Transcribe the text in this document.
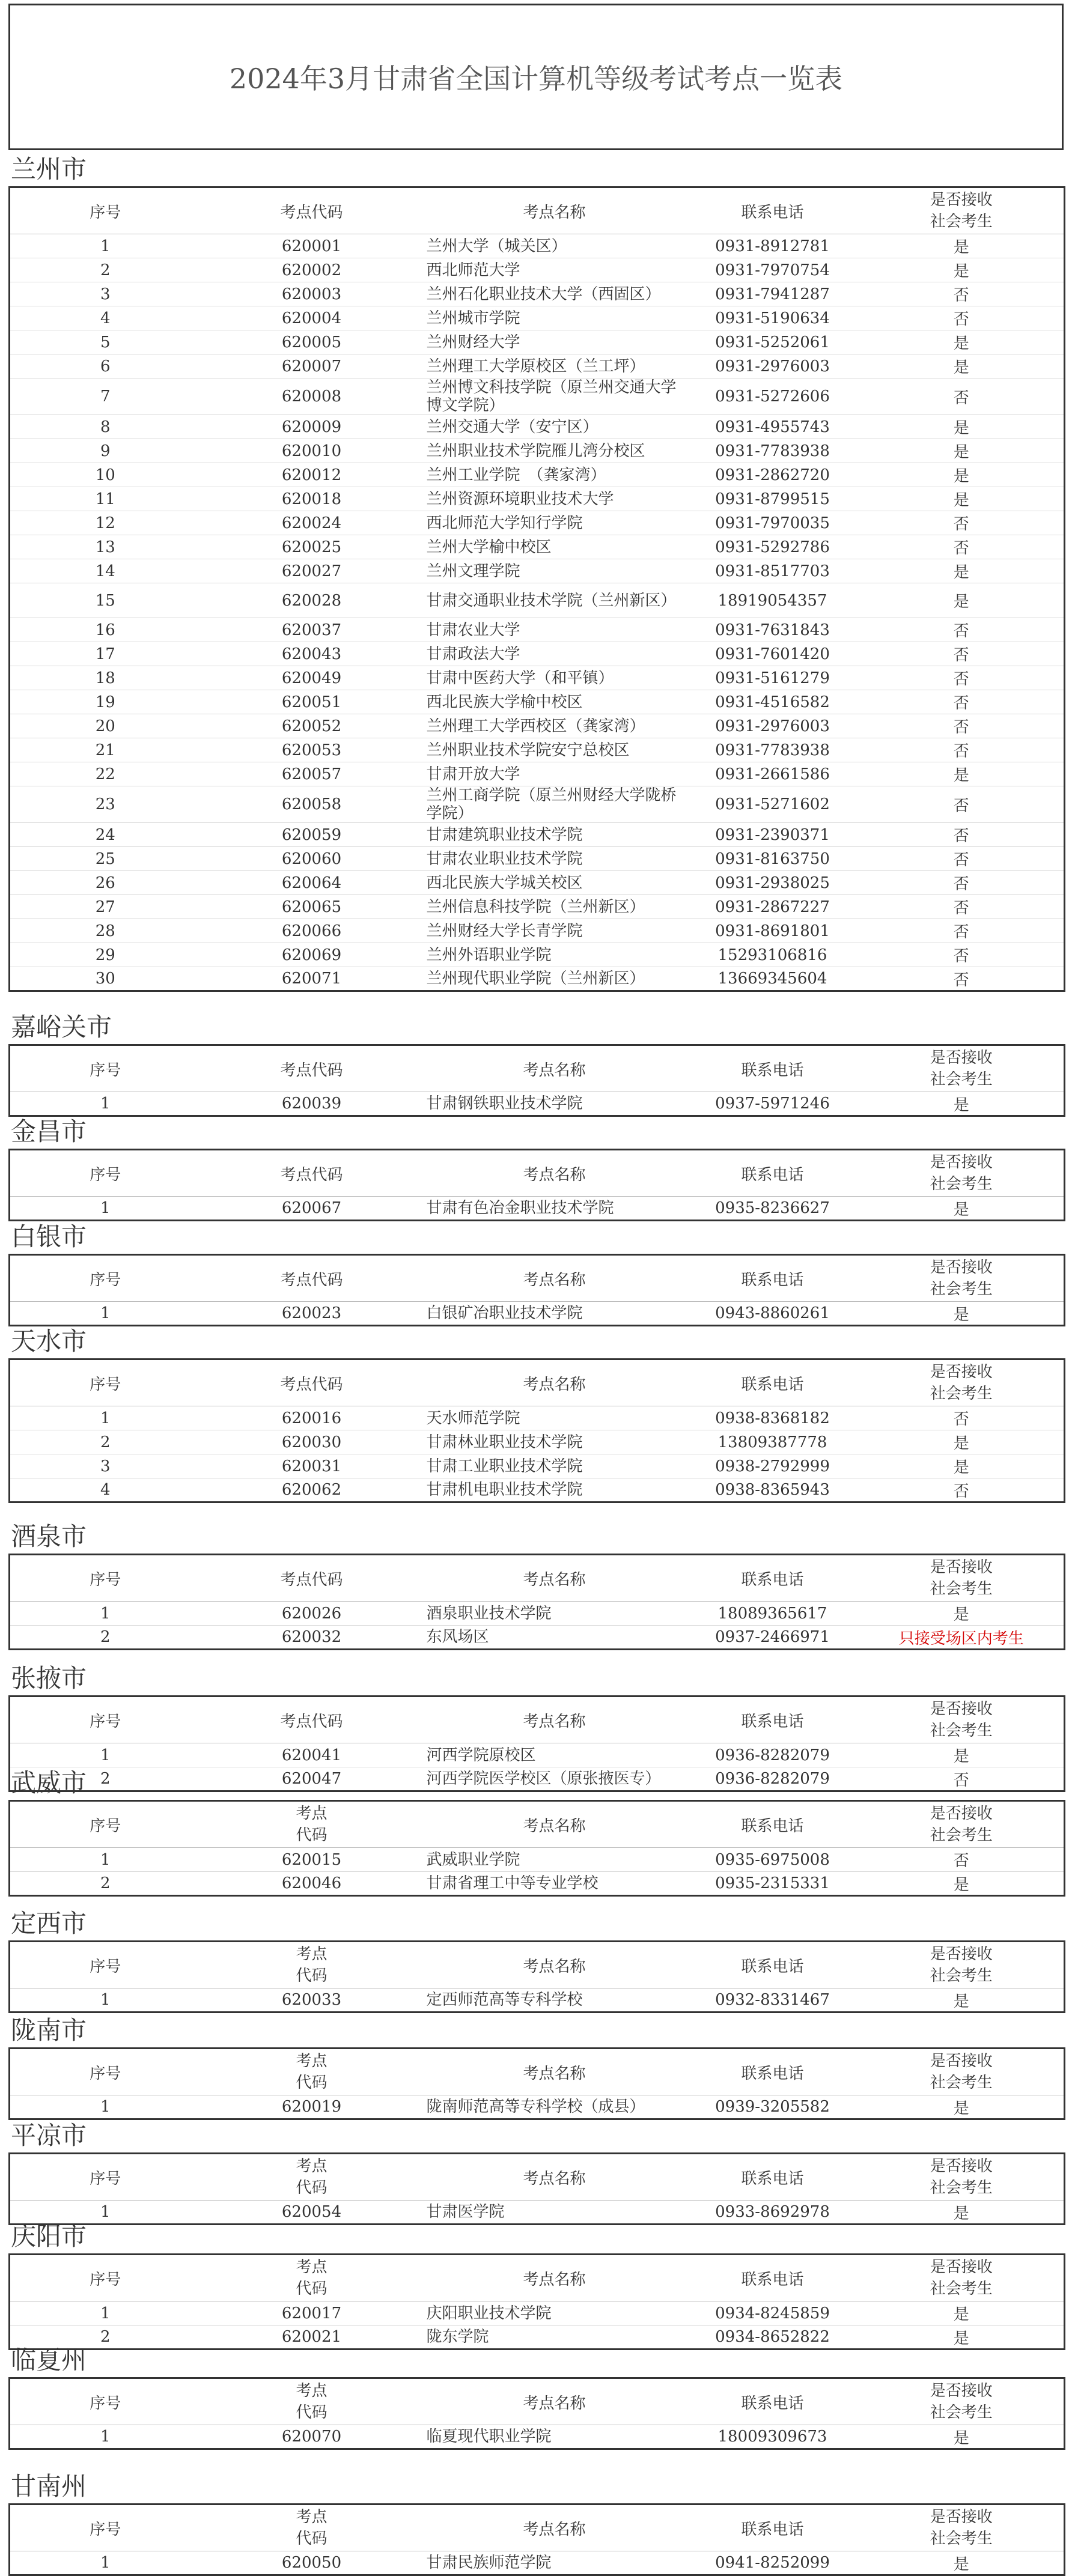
2024年3月甘肃省全国计算机等级考试考点一览表
兰州市
序号	考点代码	考点名称	联系电话	是否接收
社会考生

1	620001	兰州大学（城关区）	0931-8912781	是
2	620002	西北师范大学	0931-7970754	是
3	620003	兰州石化职业技术大学（西固区）	0931-7941287	否
4	620004	兰州城市学院	0931-5190634	否
5	620005	兰州财经大学	0931-5252061	是
6	620007	兰州理工大学原校区（兰工坪）	0931-2976003	是
7	620008	兰州博文科技学院（原兰州交通大学博文学院）	0931-5272606	否
8	620009	兰州交通大学（安宁区）	0931-4955743	是
9	620010	兰州职业技术学院雁儿湾分校区	0931-7783938	是
10	620012	兰州工业学院　（龚家湾）	0931-2862720	是
11	620018	兰州资源环境职业技术大学	0931-8799515	是
12	620024	西北师范大学知行学院	0931-7970035	否
13	620025	兰州大学榆中校区	0931-5292786	否
14	620027	兰州文理学院	0931-8517703	是
15	620028	甘肃交通职业技术学院（兰州新区）	18919054357	是
16	620037	甘肃农业大学	0931-7631843	否
17	620043	甘肃政法大学	0931-7601420	否
18	620049	甘肃中医药大学（和平镇）	0931-5161279	否
19	620051	西北民族大学榆中校区	0931-4516582	否
20	620052	兰州理工大学西校区（龚家湾）	0931-2976003	否
21	620053	兰州职业技术学院安宁总校区	0931-7783938	否
22	620057	甘肃开放大学	0931-2661586	是
23	620058	兰州工商学院（原兰州财经大学陇桥学院）	0931-5271602	否
24	620059	甘肃建筑职业技术学院	0931-2390371	否
25	620060	甘肃农业职业技术学院	0931-8163750	否
26	620064	西北民族大学城关校区	0931-2938025	否
27	620065	兰州信息科技学院（兰州新区）	0931-2867227	否
28	620066	兰州财经大学长青学院	0931-8691801	否
29	620069	兰州外语职业学院	15293106816	否
30	620071	兰州现代职业学院（兰州新区）	13669345604	否
嘉峪关市
序号	考点代码	考点名称	联系电话	是否接收
社会考生

1	620039	甘肃钢铁职业技术学院	0937-5971246	是
金昌市
序号	考点代码	考点名称	联系电话	是否接收
社会考生

1	620067	甘肃有色冶金职业技术学院	0935-8236627	是
白银市
序号	考点代码	考点名称	联系电话	是否接收
社会考生

1	620023	白银矿冶职业技术学院	0943-8860261	是
天水市
序号	考点代码	考点名称	联系电话	是否接收
社会考生

1	620016	天水师范学院	0938-8368182	否
2	620030	甘肃林业职业技术学院	13809387778	是
3	620031	甘肃工业职业技术学院	0938-2792999	是
4	620062	甘肃机电职业技术学院	0938-8365943	否
酒泉市
序号	考点代码	考点名称	联系电话	是否接收
社会考生

1	620026	酒泉职业技术学院	18089365617	是
2	620032	东风场区	0937-2466971	只接受场区内考生
张掖市
序号	考点代码	考点名称	联系电话	是否接收
社会考生

1	620041	河西学院原校区	0936-8282079	是
2	620047	河西学院医学校区（原张掖医专）	0936-8282079	否
武威市
序号	考点
代码	考点名称	联系电话	是否接收
社会考生

1	620015	武威职业学院	0935-6975008	否
2	620046	甘肃省理工中等专业学校	0935-2315331	是
定西市
序号	考点
代码	考点名称	联系电话	是否接收
社会考生

1	620033	定西师范高等专科学校	0932-8331467	是
陇南市
序号	考点
代码	考点名称	联系电话	是否接收
社会考生

1	620019	陇南师范高等专科学校（成县）	0939-3205582	是
平凉市
序号	考点
代码	考点名称	联系电话	是否接收
社会考生

1	620054	甘肃医学院	0933-8692978	是
庆阳市
序号	考点
代码	考点名称	联系电话	是否接收
社会考生

1	620017	庆阳职业技术学院	0934-8245859	是
2	620021	陇东学院	0934-8652822	是
临夏州
序号	考点
代码	考点名称	联系电话	是否接收
社会考生

1	620070	临夏现代职业学院	18009309673	是
甘南州
序号	考点
代码	考点名称	联系电话	是否接收
社会考生

1	620050	甘肃民族师范学院	0941-8252099	是
